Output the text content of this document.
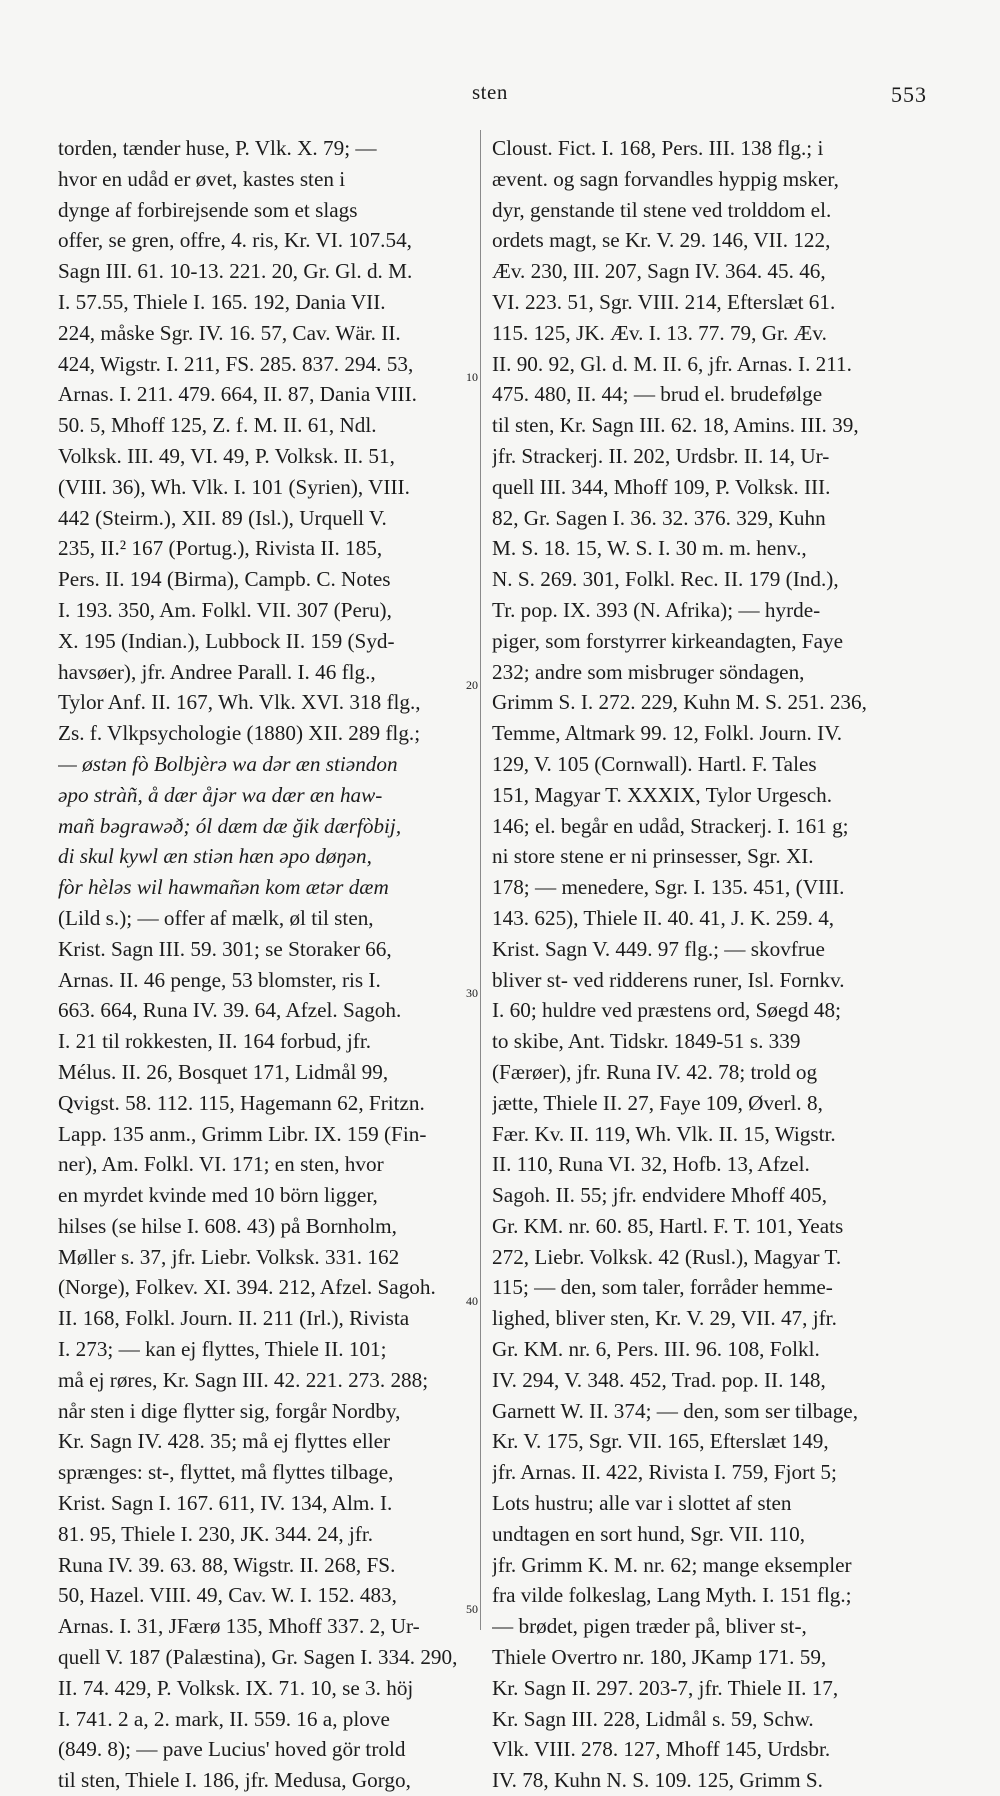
sten	553
10
20
30
40
50
torden, tænder huse, P. Vlk. X. 79; —
hvor en udåd er øvet, kastes sten i
dynge af forbirejsende som et slags
offer, se gren, offre, 4. ris, Kr. VI. 107.54,
Sagn III. 61. 10-13. 221. 20, Gr. Gl. d. M.
I. 57.55, Thiele I. 165. 192, Dania VII.
224, måske Sgr. IV. 16. 57, Cav. Wär. II.
424, Wigstr. I. 211, FS. 285. 837. 294. 53,
Arnas. I. 211. 479. 664, II. 87, Dania VIII.
50. 5, Mhoff 125, Z. f. M. II. 61, Ndl.
Volksk. III. 49, VI. 49, P. Volksk. II. 51,
(VIII. 36), Wh. Vlk. I. 101 (Syrien), VIII.
442 (Steirm.), XII. 89 (Isl.), Urquell V.
235, II.² 167 (Portug.), Rivista II. 185,
Pers. II. 194 (Birma), Campb. C. Notes
I. 193. 350, Am. Folkl. VII. 307 (Peru),
X. 195 (Indian.), Lubbock II. 159 (Syd-
havsøer), jfr. Andree Parall. I. 46 flg.,
Tylor Anf. II. 167, Wh. Vlk. XVI. 318 flg.,
Zs. f. Vlkpsychologie (1880) XII. 289 flg.;
— østən fò Bolbjèrə wa dər æn stiəndon
əpo stràñ, å dær åjər wa dær æn haw-
mañ bəgrawəð; ól dæm dæ ğik dærfòbij,
di skul kywl æn stiən hæn əpo døŋən,
fòr hèləs wil hawmañən kom ætər dæm
(Lild s.); — offer af mælk, øl til sten,
Krist. Sagn III. 59. 301; se Storaker 66,
Arnas. II. 46 penge, 53 blomster, ris I.
663. 664, Runa IV. 39. 64, Afzel. Sagoh.
I. 21 til rokkesten, II. 164 forbud, jfr.
Mélus. II. 26, Bosquet 171, Lidmål 99,
Qvigst. 58. 112. 115, Hagemann 62, Fritzn.
Lapp. 135 anm., Grimm Libr. IX. 159 (Fin-
ner), Am. Folkl. VI. 171; en sten, hvor
en myrdet kvinde med 10 börn ligger,
hilses (se hilse I. 608. 43) på Bornholm,
Møller s. 37, jfr. Liebr. Volksk. 331. 162
(Norge), Folkev. XI. 394. 212, Afzel. Sagoh.
II. 168, Folkl. Journ. II. 211 (Irl.), Rivista
I. 273; — kan ej flyttes, Thiele II. 101;
må ej røres, Kr. Sagn III. 42. 221. 273. 288;
når sten i dige flytter sig, forgår Nordby,
Kr. Sagn IV. 428. 35; må ej flyttes eller
sprænges: st-, flyttet, må flyttes tilbage,
Krist. Sagn I. 167. 611, IV. 134, Alm. I.
81. 95, Thiele I. 230, JK. 344. 24, jfr.
Runa IV. 39. 63. 88, Wigstr. II. 268, FS.
50, Hazel. VIII. 49, Cav. W. I. 152. 483,
Arnas. I. 31, JFærø 135, Mhoff 337. 2, Ur-
quell V. 187 (Palæstina), Gr. Sagen I. 334. 290,
II. 74. 429, P. Volksk. IX. 71. 10, se 3. höj
I. 741. 2 a, 2. mark, II. 559. 16 a, plove
(849. 8); — pave Lucius' hoved gör trold
til sten, Thiele I. 186, jfr. Medusa, Gorgo,
Cloust. Fict. I. 168, Pers. III. 138 flg.; i
ævent. og sagn forvandles hyppig msker,
dyr, genstande til stene ved trolddom el.
ordets magt, se Kr. V. 29. 146, VII. 122,
Æv. 230, III. 207, Sagn IV. 364. 45. 46,
VI. 223. 51, Sgr. VIII. 214, Efterslæt 61.
115. 125, JK. Æv. I. 13. 77. 79, Gr. Æv.
II. 90. 92, Gl. d. M. II. 6, jfr. Arnas. I. 211.
475. 480, II. 44; — brud el. brudefølge
til sten, Kr. Sagn III. 62. 18, Amins. III. 39,
jfr. Strackerj. II. 202, Urdsbr. II. 14, Ur-
quell III. 344, Mhoff 109, P. Volksk. III.
82, Gr. Sagen I. 36. 32. 376. 329, Kuhn
M. S. 18. 15, W. S. I. 30 m. m. henv.,
N. S. 269. 301, Folkl. Rec. II. 179 (Ind.),
Tr. pop. IX. 393 (N. Afrika); — hyrde-
piger, som forstyrrer kirkeandagten, Faye
232; andre som misbruger söndagen,
Grimm S. I. 272. 229, Kuhn M. S. 251. 236,
Temme, Altmark 99. 12, Folkl. Journ. IV.
129, V. 105 (Cornwall). Hartl. F. Tales
151, Magyar T. XXXIX, Tylor Urgesch.
146; el. begår en udåd, Strackerj. I. 161 g;
ni store stene er ni prinsesser, Sgr. XI.
178; — menedere, Sgr. I. 135. 451, (VIII.
143. 625), Thiele II. 40. 41, J. K. 259. 4,
Krist. Sagn V. 449. 97 flg.; — skovfrue
bliver st- ved ridderens runer, Isl. Fornkv.
I. 60; huldre ved præstens ord, Søegd 48;
to skibe, Ant. Tidskr. 1849-51 s. 339
(Færøer), jfr. Runa IV. 42. 78; trold og
jætte, Thiele II. 27, Faye 109, Øverl. 8,
Fær. Kv. II. 119, Wh. Vlk. II. 15, Wigstr.
II. 110, Runa VI. 32, Hofb. 13, Afzel.
Sagoh. II. 55; jfr. endvidere Mhoff 405,
Gr. KM. nr. 60. 85, Hartl. F. T. 101, Yeats
272, Liebr. Volksk. 42 (Rusl.), Magyar T.
115; — den, som taler, forråder hemme-
lighed, bliver sten, Kr. V. 29, VII. 47, jfr.
Gr. KM. nr. 6, Pers. III. 96. 108, Folkl.
IV. 294, V. 348. 452, Trad. pop. II. 148,
Garnett W. II. 374; — den, som ser tilbage,
Kr. V. 175, Sgr. VII. 165, Efterslæt 149,
jfr. Arnas. II. 422, Rivista I. 759, Fjort 5;
Lots hustru; alle var i slottet af sten
undtagen en sort hund, Sgr. VII. 110,
jfr. Grimm K. M. nr. 62; mange eksempler
fra vilde folkeslag, Lang Myth. I. 151 flg.;
— brødet, pigen træder på, bliver st-,
Thiele Overtro nr. 180, JKamp 171. 59,
Kr. Sagn II. 297. 203-7, jfr. Thiele II. 17,
Kr. Sagn III. 228, Lidmål s. 59, Schw.
Vlk. VIII. 278. 127, Mhoff 145, Urdsbr.
IV. 78, Kuhn N. S. 109. 125, Grimm S.
